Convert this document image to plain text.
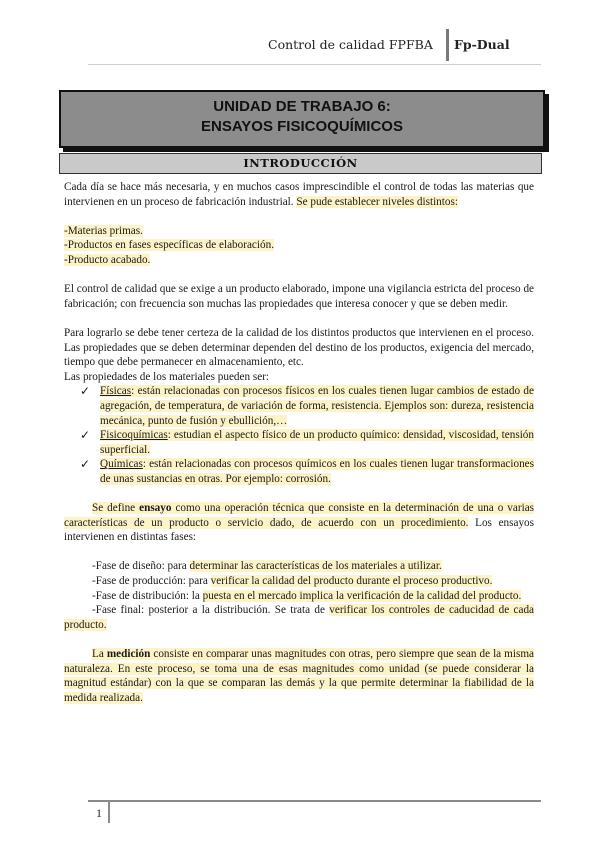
Control de calidad FPFBA Fp-Dual
UNIDAD DE TRABAJO 6:
ENSAYOS FISICOQUÍMICOS
INTRODUCCIÓN

Cada día se hace más necesaria, y en muchos casos imprescindible el control de todas las materias que intervienen en un proceso de fabricación industrial. Se pude establecer niveles distintos:

-Materias primas.

-Productos en fases específicas de elaboración.

-Producto acabado.

El control de calidad que se exige a un producto elaborado, impone una vigilancia estricta del proceso de fabricación; con frecuencia son muchas las propiedades que interesa conocer y que se deben medir.

Para lograrlo se debe tener certeza de la calidad de los distintos productos que intervienen en el proceso. Las propiedades que se deben determinar dependen del destino de los productos, exigencia del mercado, tiempo que debe permanecer en almacenamiento, etc.

Las propiedades de los materiales pueden ser:

✓ Físicas: están relacionadas con procesos físicos en los cuales tienen lugar cambios de estado de agregación, de temperatura, de variación de forma, resistencia. Ejemplos son: dureza, resistencia mecánica, punto de fusión y ebullición,…
✓ Fisicoquímicas: estudian el aspecto físico de un producto químico: densidad, viscosidad, tensión superficial.
✓ Químicas: están relacionadas con procesos químicos en los cuales tienen lugar transformaciones de unas sustancias en otras. Por ejemplo: corrosión.

Se define ensayo como una operación técnica que consiste en la determinación de una o varias características de un producto o servicio dado, de acuerdo con un procedimiento. Los ensayos intervienen en distintas fases:

-Fase de diseño: para determinar las características de los materiales a utilizar.

-Fase de producción: para verificar la calidad del producto durante el proceso productivo.

-Fase de distribución: la puesta en el mercado implica la verificación de la calidad del producto.

-Fase final: posterior a la distribución. Se trata de verificar los controles de caducidad de cada producto.

La medición consiste en comparar unas magnitudes con otras, pero siempre que sean de la misma naturaleza. En este proceso, se toma una de esas magnitudes como unidad (se puede considerar la magnitud estándar) con la que se comparan las demás y la que permite determinar la fiabilidad de la medida realizada.

1
